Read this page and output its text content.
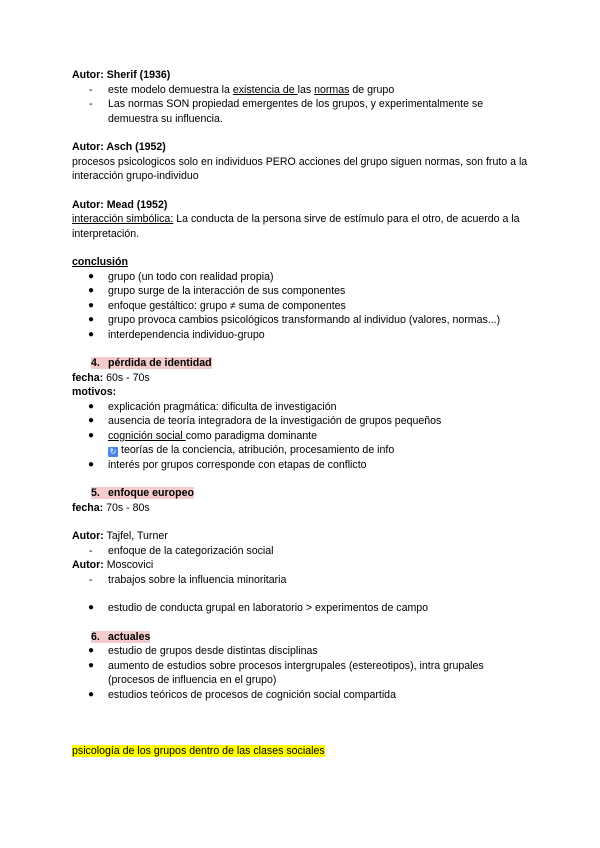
Autor: Sherif (1936)

- este modelo demuestra la existencia de las normas de grupo
- Las normas SON propiedad emergentes de los grupos, y experimentalmente se demuestra su influencia.

Autor: Asch (1952)

procesos psicologicos solo en individuos PERO acciones del grupo siguen normas, son fruto a la interacción grupo-individuo

Autor: Mead (1952)

interacción simbólica: La conducta de la persona sirve de estímulo para el otro, de acuerdo a la interpretación.

conclusión

● grupo (un todo con realidad propia)
● grupo surge de la interacción de sus componentes
● enfoque gestáltico: grupo ≠ suma de componentes
● grupo provoca cambios psicológicos transformando al individuo (valores, normas...)
● interdependencia individuo-grupo

4. pérdida de identidad

fecha: 60s - 70s

motivos:

● explicación pragmática: dificulta de investigación
● ausencia de teoría integradora de la investigación de grupos pequeños
● cognición social como paradigma dominante
↻ teorías de la conciencia, atribución, procesamiento de info
● interés por grupos corresponde con etapas de conflicto

5. enfoque europeo

fecha: 70s - 80s

Autor: Tajfel, Turner

- enfoque de la categorización social

Autor: Moscovici

- trabajos sobre la influencia minoritaria
● estudio de conducta grupal en laboratorio > experimentos de campo

6. actuales

● estudio de grupos desde distintas disciplinas
● aumento de estudios sobre procesos intergrupales (estereotipos), intra grupales (procesos de influencia en el grupo)
● estudios teóricos de procesos de cognición social compartida

psicología de los grupos dentro de las clases sociales
